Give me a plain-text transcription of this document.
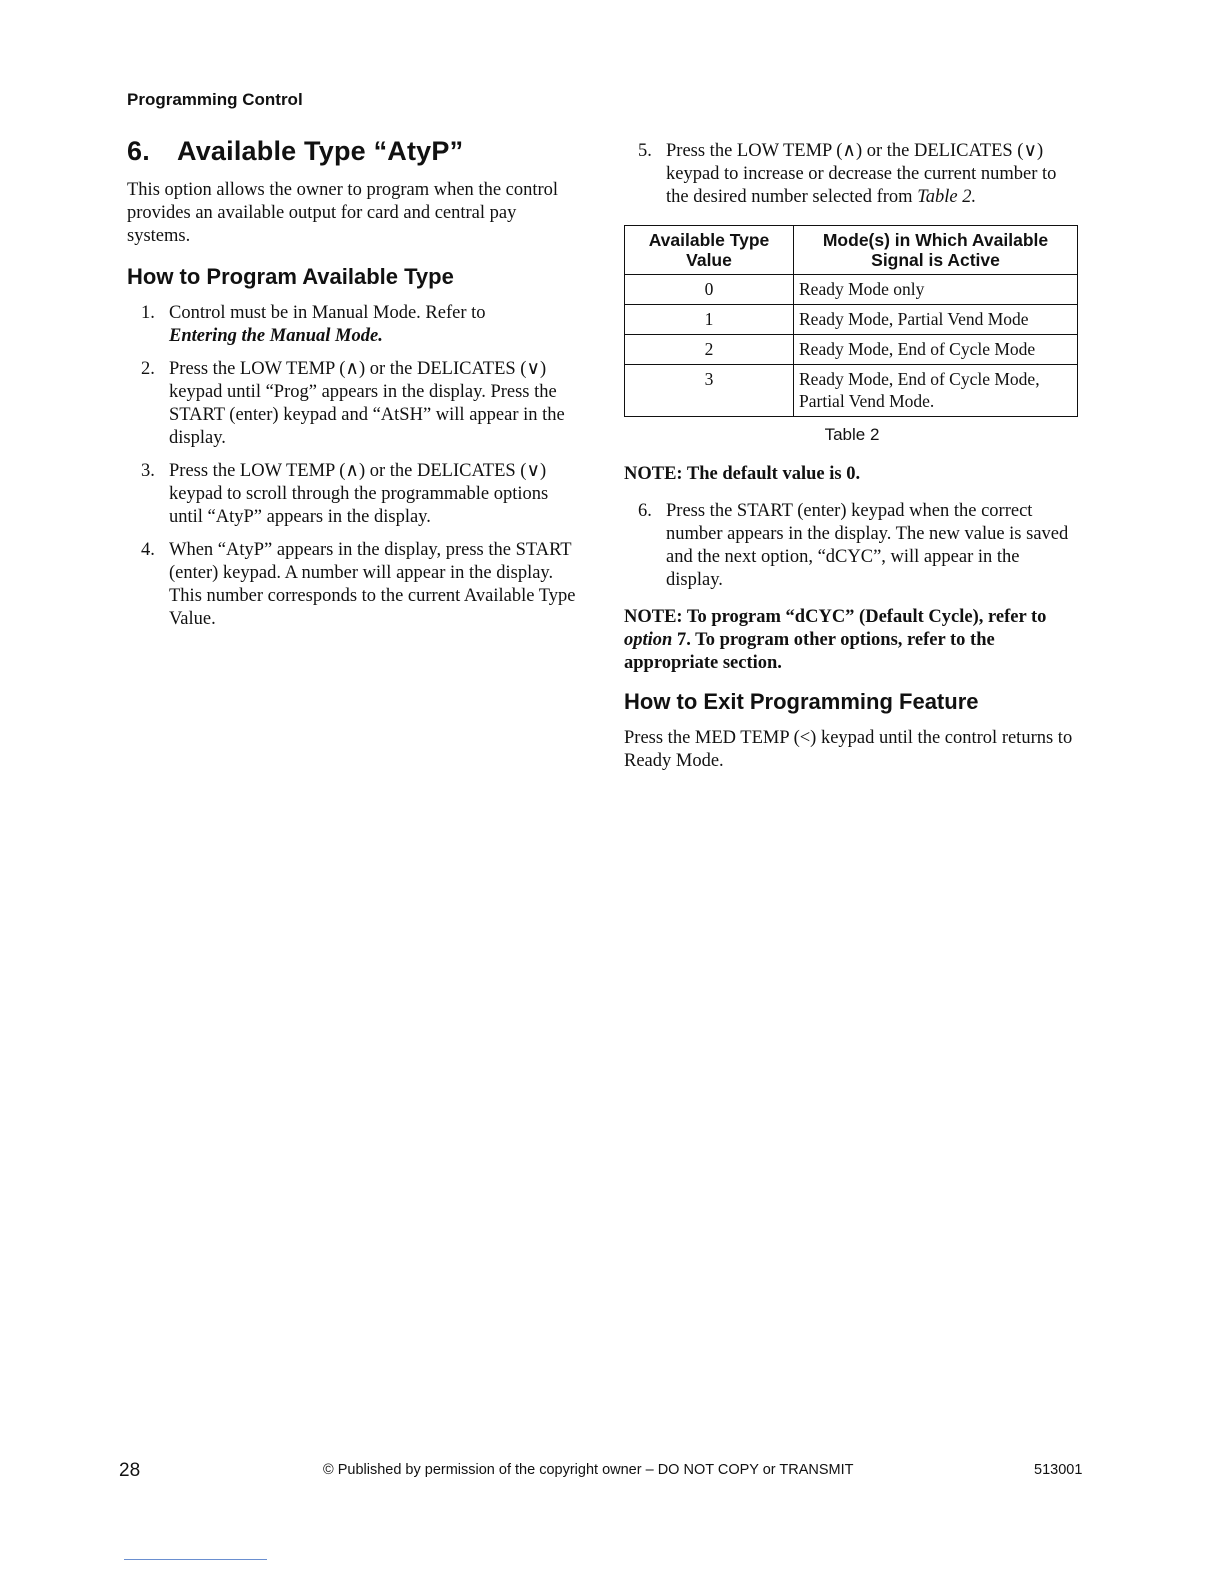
Programming Control
6. Available Type “AtyP”

This option allows the owner to program when the control provides an available output for card and central pay systems.

How to Program Available Type
1. Control must be in Manual Mode. Refer to
Entering the Manual Mode.
2. Press the LOW TEMP (∧) or the DELICATES (∨) keypad until “Prog” appears in the display. Press the START (enter) keypad and “AtSH” will appear in the display.
3. Press the LOW TEMP (∧) or the DELICATES (∨) keypad to scroll through the programmable options until “AtyP” appears in the display.
4. When “AtyP” appears in the display, press the START (enter) keypad. A number will appear in the display. This number corresponds to the current Available Type Value.
5. Press the LOW TEMP (∧) or the DELICATES (∨) keypad to increase or decrease the current number to the desired number selected from Table 2.
Available Type Value	Mode(s) in Which Available Signal is Active
0	Ready Mode only
1	Ready Mode, Partial Vend Mode
2	Ready Mode, End of Cycle Mode
3	Ready Mode, End of Cycle Mode, Partial Vend Mode.
Table 2

NOTE: The default value is 0.

6. Press the START (enter) keypad when the correct number appears in the display. The new value is saved and the next option, “dCYC”, will appear in the display.

NOTE: To program “dCYC” (Default Cycle), refer to option 7. To program other options, refer to the appropriate section.

How to Exit Programming Feature

Press the MED TEMP (<) keypad until the control returns to Ready Mode.

28	© Published by permission of the copyright owner – DO NOT COPY or TRANSMIT	513001
